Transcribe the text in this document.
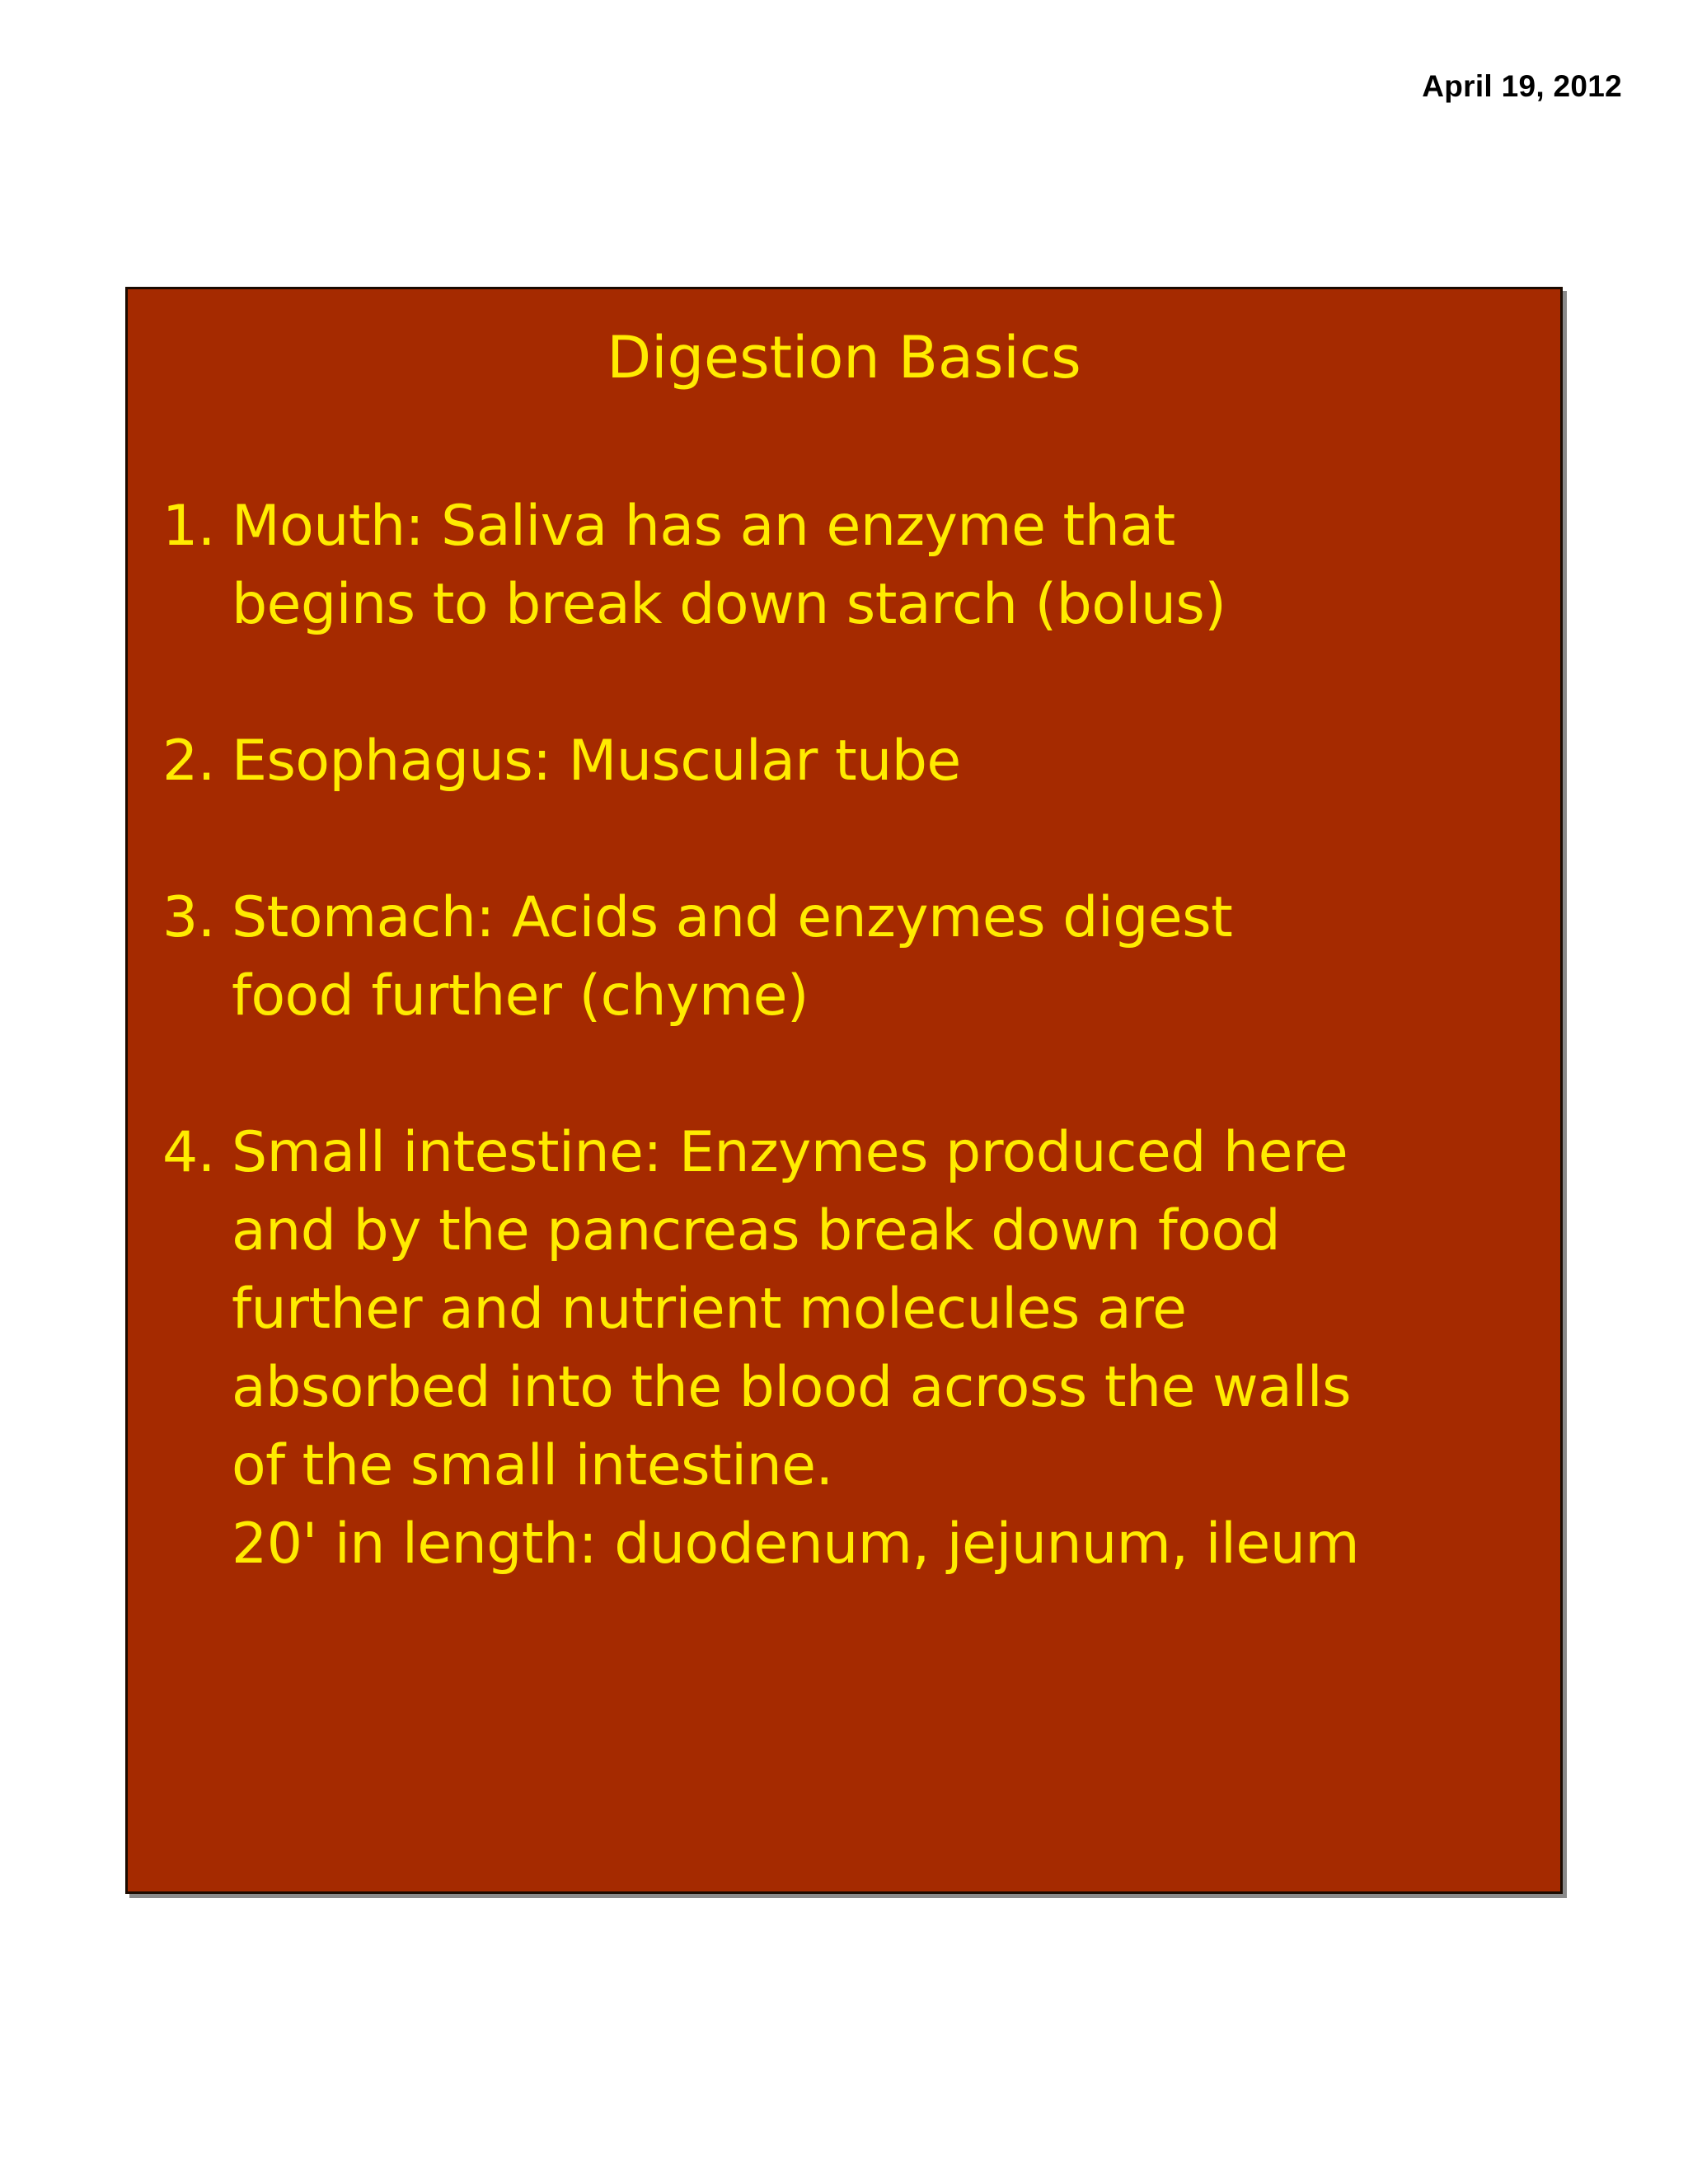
April 19, 2012
Digestion Basics
1. Mouth: Saliva has an enzyme that
begins to break down starch (bolus)
2. Esophagus: Muscular tube
3. Stomach: Acids and enzymes digest
food further (chyme)
4. Small intestine: Enzymes produced here
and by the pancreas break down food
further and nutrient molecules are
absorbed into the blood across the walls
of the small intestine.
20' in length: duodenum, jejunum, ileum
